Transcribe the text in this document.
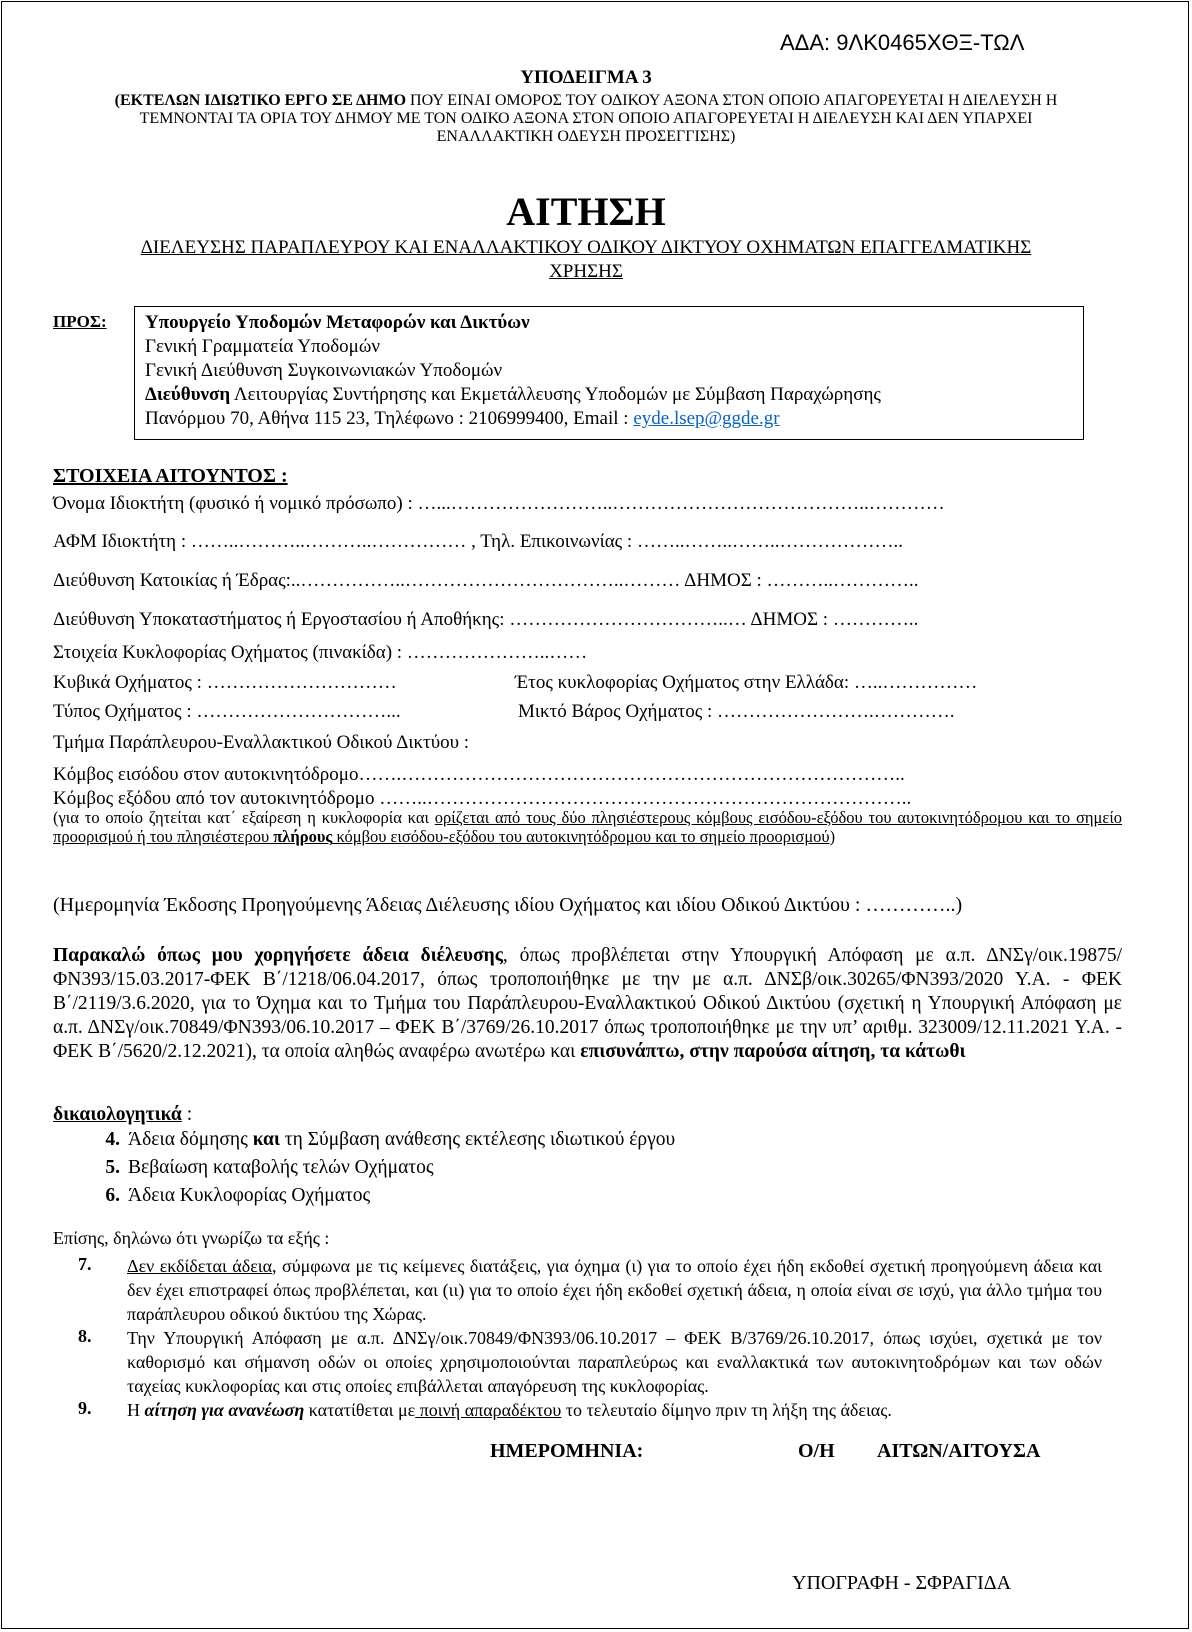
ΑΔΑ: 9ΛΚ0465ΧΘΞ-ΤΩΛ
ΥΠΟΔΕΙΓΜΑ 3
(ΕΚΤΕΛΩΝ ΙΔΙΩΤΙΚΟ ΕΡΓΟ ΣΕ ΔΗΜΟ ΠΟΥ ΕΙΝΑΙ ΟΜΟΡΟΣ ΤΟΥ ΟΔΙΚΟΥ ΑΞΟΝΑ ΣΤΟΝ ΟΠΟΙΟ ΑΠΑΓΟΡΕΥΕΤΑΙ Η ΔΙΕΛΕΥΣΗ Η
ΤΕΜΝΟΝΤΑΙ ΤΑ ΟΡΙΑ ΤΟΥ ΔΗΜΟΥ ΜΕ ΤΟΝ ΟΔΙΚΟ ΑΞΟΝΑ ΣΤΟΝ ΟΠΟΙΟ ΑΠΑΓΟΡΕΥΕΤΑΙ Η ΔΙΕΛΕΥΣΗ ΚΑΙ ΔΕΝ ΥΠΑΡΧΕΙ
ΕΝΑΛΛΑΚΤΙΚΗ ΟΔΕΥΣΗ ΠΡΟΣΕΓΓΙΣΗΣ)
ΑΙΤΗΣΗ
ΔΙΕΛΕΥΣΗΣ ΠΑΡΑΠΛΕΥΡΟΥ ΚΑΙ ΕΝΑΛΛΑΚΤΙΚΟΥ ΟΔΙΚΟΥ ΔΙΚΤΥΟΥ ΟΧΗΜΑΤΩΝ ΕΠΑΓΓΕΛΜΑΤΙΚΗΣ
ΧΡΗΣΗΣ
ΠΡΟΣ: Υπουργείο Υποδομών Μεταφορών και Δικτύων
Γενική Γραμματεία Υποδομών
Γενική Διεύθυνση Συγκοινωνιακών Υποδομών
Διεύθυνση Λειτουργίας Συντήρησης και Εκμετάλλευσης Υποδομών με Σύμβαση Παραχώρησης
Πανόρμου 70, Αθήνα 115 23, Τηλέφωνο : 2106999400, Email : eyde.lsep@ggde.gr
ΣΤΟΙΧΕΙΑ ΑΙΤΟΥΝΤΟΣ :
Όνομα Ιδιοκτήτη (φυσικό ή νομικό πρόσωπο) : …...……………………..…………………………………..…………
ΑΦΜ Ιδιοκτήτη : ……..………..………..…………… , Τηλ. Επικοινωνίας : ……..……..……..………………..
Διεύθυνση Κατοικίας ή Έδρας:..……………..……………………………..……… ΔΗΜΟΣ : ………..…………..
Διεύθυνση Υποκαταστήματος ή Εργοστασίου ή Αποθήκης: ……………………………..… ΔΗΜΟΣ : …………..
Στοιχεία Κυκλοφορίας Οχήματος (πινακίδα) : …………………..……
Κυβικά Οχήματος : …………………………	Έτος κυκλοφορίας Οχήματος στην Ελλάδα: …..……………
Τύπος Οχήματος : …………………………...	Μικτό Βάρος Οχήματος : …………………….………….
Τμήμα Παράπλευρου-Εναλλακτικού Οδικού Δικτύου :
Κόμβος εισόδου στον αυτοκινητόδρομο…….……………………………………………………………………..
Κόμβος εξόδου από τον αυτοκινητόδρομο ……..…………………………………………………………………..
(για το οποίο ζητείται κατ΄ εξαίρεση η κυκλοφορία και ορίζεται από τους δύο πλησιέστερους κόμβους εισόδου-εξόδου του αυτοκινητόδρομου και το σημείο προορισμού ή του πλησιέστερου πλήρους κόμβου εισόδου-εξόδου του αυτοκινητόδρομου και το σημείο προορισμού)
(Ημερομηνία Έκδοσης Προηγούμενης Άδειας Διέλευσης ιδίου Οχήματος και ιδίου Οδικού Δικτύου : …………..)
Παρακαλώ όπως μου χορηγήσετε άδεια διέλευσης, όπως προβλέπεται στην Υπουργική Απόφαση με α.π. ΔΝΣγ/οικ.19875/ΦΝ393/15.03.2017-ΦΕΚ Β΄/1218/06.04.2017, όπως τροποποιήθηκε με την με α.π. ΔΝΣβ/οικ.30265/ΦΝ393/2020 Υ.Α. - ΦΕΚ Β΄/2119/3.6.2020, για το Όχημα και το Τμήμα του Παράπλευρου-Εναλλακτικού Οδικού Δικτύου (σχετική η Υπουργική Απόφαση με α.π. ΔΝΣγ/οικ.70849/ΦΝ393/06.10.2017 – ΦΕΚ Β΄/3769/26.10.2017 όπως τροποποιήθηκε με την υπ’ αριθμ. 323009/12.11.2021 Υ.Α. - ΦΕΚ Β΄/5620/2.12.2021), τα οποία αληθώς αναφέρω ανωτέρω και επισυνάπτω, στην παρούσα αίτηση, τα κάτωθι
δικαιολογητικά :
4. Άδεια δόμησης και τη Σύμβαση ανάθεσης εκτέλεσης ιδιωτικού έργου
5. Βεβαίωση καταβολής τελών Οχήματος
6. Άδεια Κυκλοφορίας Οχήματος
Επίσης, δηλώνω ότι γνωρίζω τα εξής :
7. Δεν εκδίδεται άδεια, σύμφωνα με τις κείμενες διατάξεις, για όχημα (ι) για το οποίο έχει ήδη εκδοθεί σχετική προηγούμενη άδεια και δεν έχει επιστραφεί όπως προβλέπεται, και (ιι) για το οποίο έχει ήδη εκδοθεί σχετική άδεια, η οποία είναι σε ισχύ, για άλλο τμήμα του παράπλευρου οδικού δικτύου της Χώρας.
8. Την Υπουργική Απόφαση με α.π. ΔΝΣγ/οικ.70849/ΦΝ393/06.10.2017 – ΦΕΚ Β/3769/26.10.2017, όπως ισχύει, σχετικά με τον καθορισμό και σήμανση οδών οι οποίες χρησιμοποιούνται παραπλεύρως και εναλλακτικά των αυτοκινητοδρόμων και των οδών ταχείας κυκλοφορίας και στις οποίες επιβάλλεται απαγόρευση της κυκλοφορίας.
9. Η αίτηση για ανανέωση κατατίθεται με ποινή απαραδέκτου το τελευταίο δίμηνο πριν τη λήξη της άδειας.
ΗΜΕΡΟΜΗΝΙΑ:	Ο/Η ΑΙΤΩΝ/ΑΙΤΟΥΣΑ
ΥΠΟΓΡΑΦΗ - ΣΦΡΑΓΙΔΑ
